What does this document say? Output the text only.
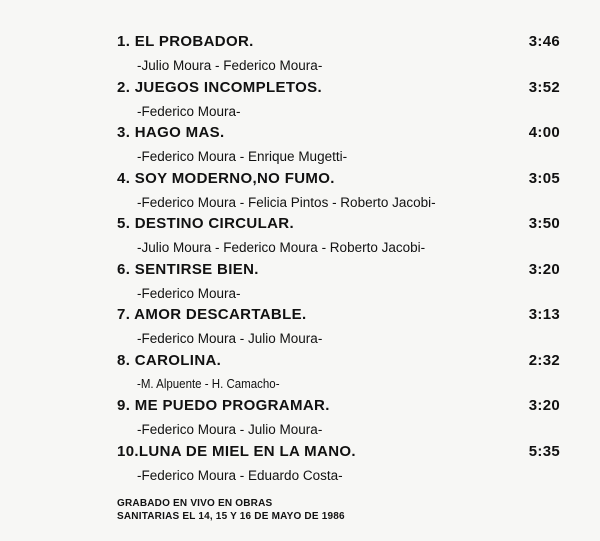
1. EL PROBADOR.	3:46
-Julio Moura - Federico Moura-
2. JUEGOS INCOMPLETOS.	3:52
-Federico Moura-
3. HAGO MAS.	4:00
-Federico Moura - Enrique Mugetti-
4. SOY MODERNO,NO FUMO.	3:05
-Federico Moura - Felicia Pintos - Roberto Jacobi-
5. DESTINO CIRCULAR.	3:50
-Julio Moura - Federico Moura - Roberto Jacobi-
6. SENTIRSE BIEN.	3:20
-Federico Moura-
7. AMOR DESCARTABLE.	3:13
-Federico Moura - Julio Moura-
8. CAROLINA.	2:32
-M. Alpuente - H. Camacho-
9. ME PUEDO PROGRAMAR.	3:20
-Federico Moura - Julio Moura-
10.LUNA DE MIEL EN LA MANO.	5:35
-Federico Moura - Eduardo Costa-
GRABADO EN VIVO EN OBRAS
SANITARIAS EL 14, 15 Y 16 DE MAYO DE 1986
